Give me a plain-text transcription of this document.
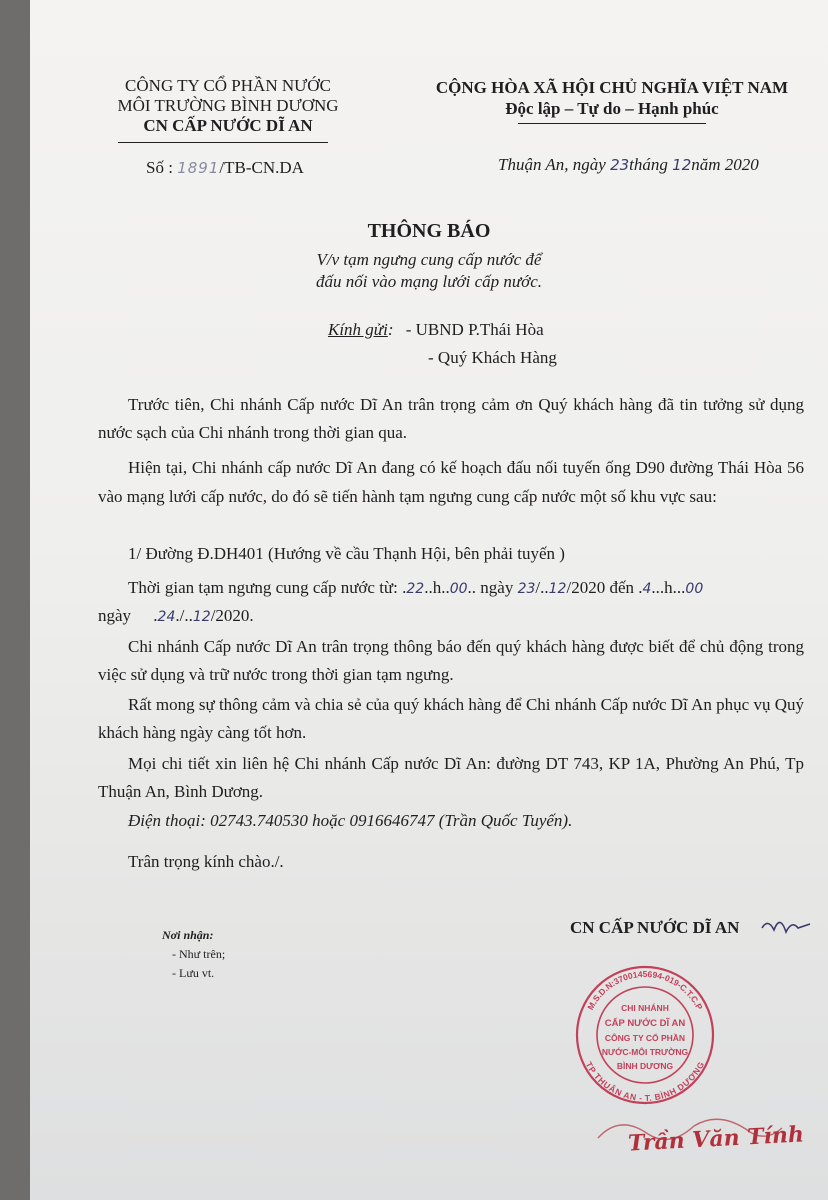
CÔNG TY CỔ PHẦN NƯỚC
MÔI TRƯỜNG BÌNH DƯƠNG
CN CẤP NƯỚC DĨ AN
Số : 1891/TB-CN.DA
CỘNG HÒA XÃ HỘI CHỦ NGHĨA VIỆT NAM
Độc lập – Tự do – Hạnh phúc
Thuận An, ngày 23tháng 12năm 2020
THÔNG BÁO
V/v tạm ngưng cung cấp nước để
đấu nối vào mạng lưới cấp nước.
Kính gửi: - UBND P.Thái Hòa
- Quý Khách Hàng
Trước tiên, Chi nhánh Cấp nước Dĩ An trân trọng cảm ơn Quý khách hàng đã tin tưởng sử dụng nước sạch của Chi nhánh trong thời gian qua.
Hiện tại, Chi nhánh cấp nước Dĩ An đang có kế hoạch đấu nối tuyến ống D90 đường Thái Hòa 56 vào mạng lưới cấp nước, do đó sẽ tiến hành tạm ngưng cung cấp nước một số khu vực sau:
1/ Đường Đ.DH401 (Hướng về cầu Thạnh Hội, bên phải tuyến )
Thời gian tạm ngưng cung cấp nước từ: .22..h..00.. ngày 23/..12/2020 đến .4...h...00
ngày .24./..12/2020.
Chi nhánh Cấp nước Dĩ An trân trọng thông báo đến quý khách hàng được biết để chủ động trong việc sử dụng và trữ nước trong thời gian tạm ngưng.
Rất mong sự thông cảm và chia sẻ của quý khách hàng để Chi nhánh Cấp nước Dĩ An phục vụ Quý khách hàng ngày càng tốt hơn.
Mọi chi tiết xin liên hệ Chi nhánh Cấp nước Dĩ An: đường DT 743, KP 1A, Phường An Phú, Tp Thuận An, Bình Dương.
Điện thoại: 02743.740530 hoặc 0916646747 (Trần Quốc Tuyến).
Trân trọng kính chào./.
Nơi nhận:
- Như trên;
- Lưu vt.
CN CẤP NƯỚC DĨ AN
M.S.D.N:3700145694-019-C.T.C.P
TP THUẬN AN - T. BÌNH DƯƠNG
CHI NHÁNH
CẤP NƯỚC DĨ AN
CÔNG TY CỔ PHẦN
NƯỚC-MÔI TRƯỜNG
BÌNH DƯƠNG
Trần Văn Tính
